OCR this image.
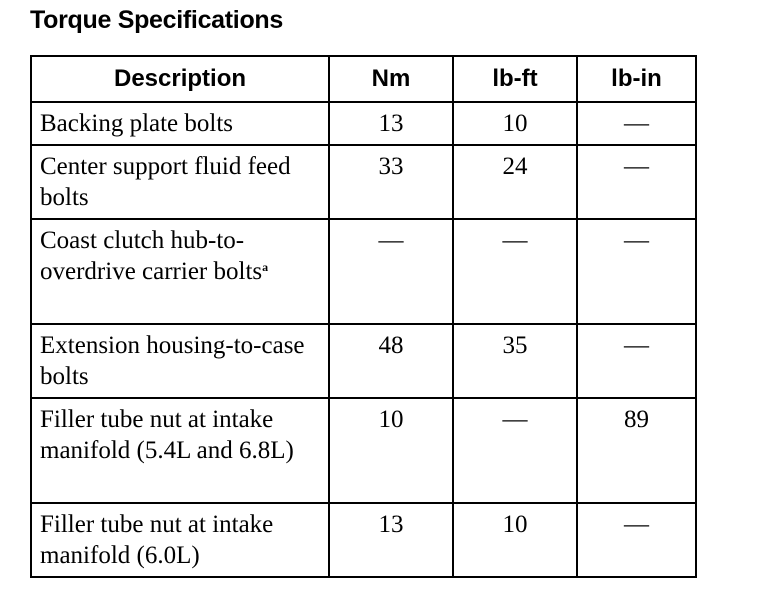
Torque Specifications
Description	Nm	lb-ft	lb-in
Backing plate bolts	13	10	—
Center support fluid feed bolts	33	24	—
Coast clutch hub-to-overdrive carrier bolts$^a$	—	—	—
Extension housing-to-case bolts	48	35	—
Filler tube nut at intake manifold (5.4L and 6.8L)	10	—	89
Filler tube nut at intake manifold (6.0L)	13	10	—
